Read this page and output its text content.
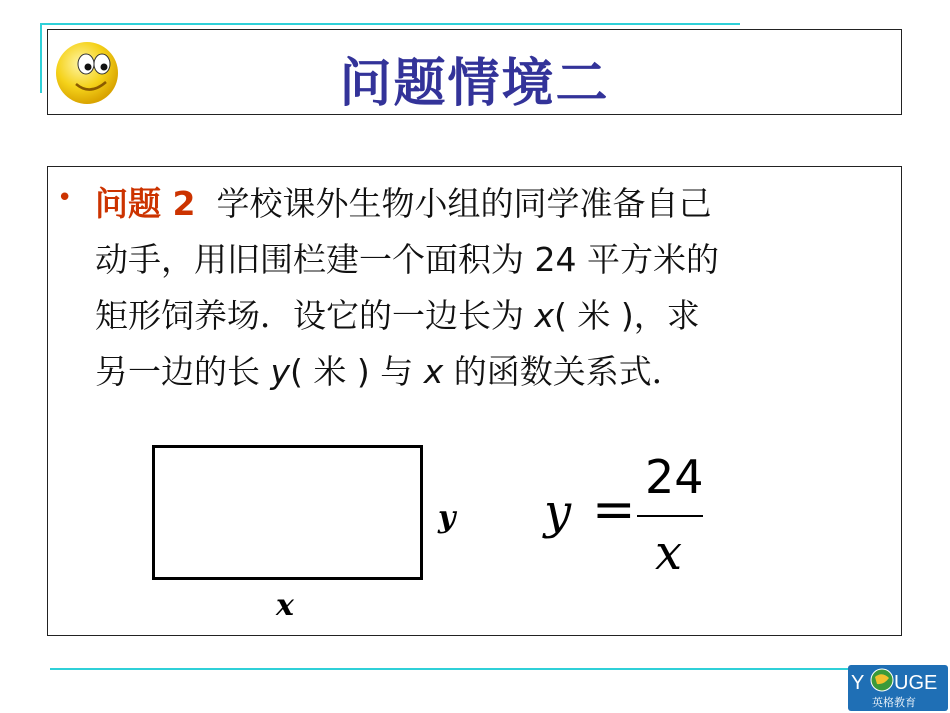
问题情境二
• 问题 2 学校课外生物小组的同学准备自己
动手，用旧围栏建一个面积为 24 平方米的
矩形饲养场．设它的一边长为 x( 米 )，求
另一边的长 y( 米 ) 与 x 的函数关系式．
y
x
y =
24
x
Y UGE
英格教育
